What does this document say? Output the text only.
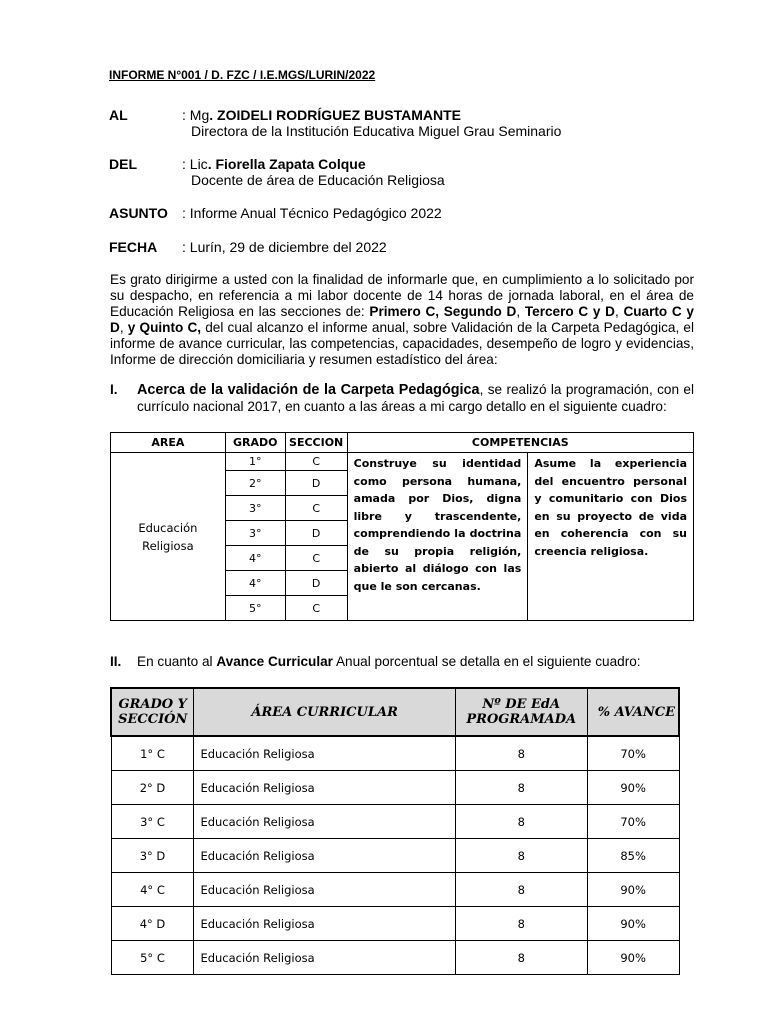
INFORME N°001 / D. FZC / I.E.MGS/LURIN/2022
AL	: Mg. ZOIDELI RODRÍGUEZ BUSTAMANTE
Directora de la Institución Educativa Miguel Grau Seminario
DEL	: Lic. Fiorella Zapata Colque
Docente de área de Educación Religiosa
ASUNTO : Informe Anual Técnico Pedagógico 2022
FECHA : Lurín, 29 de diciembre del 2022
Es grato dirigirme a usted con la finalidad de informarle que, en cumplimiento a lo solicitado por su despacho, en referencia a mi labor docente de 14 horas de jornada laboral, en el área de Educación Religiosa en las secciones de: Primero C, Segundo D, Tercero C y D, Cuarto C y D, y Quinto C, del cual alcanzo el informe anual, sobre Validación de la Carpeta Pedagógica, el informe de avance curricular, las competencias, capacidades, desempeño de logro y evidencias, Informe de dirección domiciliaria y resumen estadístico del área:
I. Acerca de la validación de la Carpeta Pedagógica, se realizó la programación, con el currículo nacional 2017, en cuanto a las áreas a mi cargo detallo en el siguiente cuadro:
AREA	GRADO	SECCION	COMPETENCIAS	
Educación Religiosa	1°	C	Construye su identidad como persona humana, amada por Dios, digna libre y trascendente, comprendiendo la doctrina de su propia religión, abierto al diálogo con las que le son cercanas.	Asume la experiencia del encuentro personal y comunitario con Dios en su proyecto de vida en coherencia con su creencia religiosa.
	2°	D		
	3°	C		
	3°	D		
	4°	C		
	4°	D		
	5°	C		
II. En cuanto al Avance Curricular Anual porcentual se detalla en el siguiente cuadro:
GRADO Y SECCIÓN	ÁREA CURRICULAR	Nº DE EdA PROGRAMADA	% AVANCE
1° C	Educación Religiosa	8	70%
2° D	Educación Religiosa	8	90%
3° C	Educación Religiosa	8	70%
3° D	Educación Religiosa	8	85%
4° C	Educación Religiosa	8	90%
4° D	Educación Religiosa	8	90%
5° C	Educación Religiosa	8	90%
